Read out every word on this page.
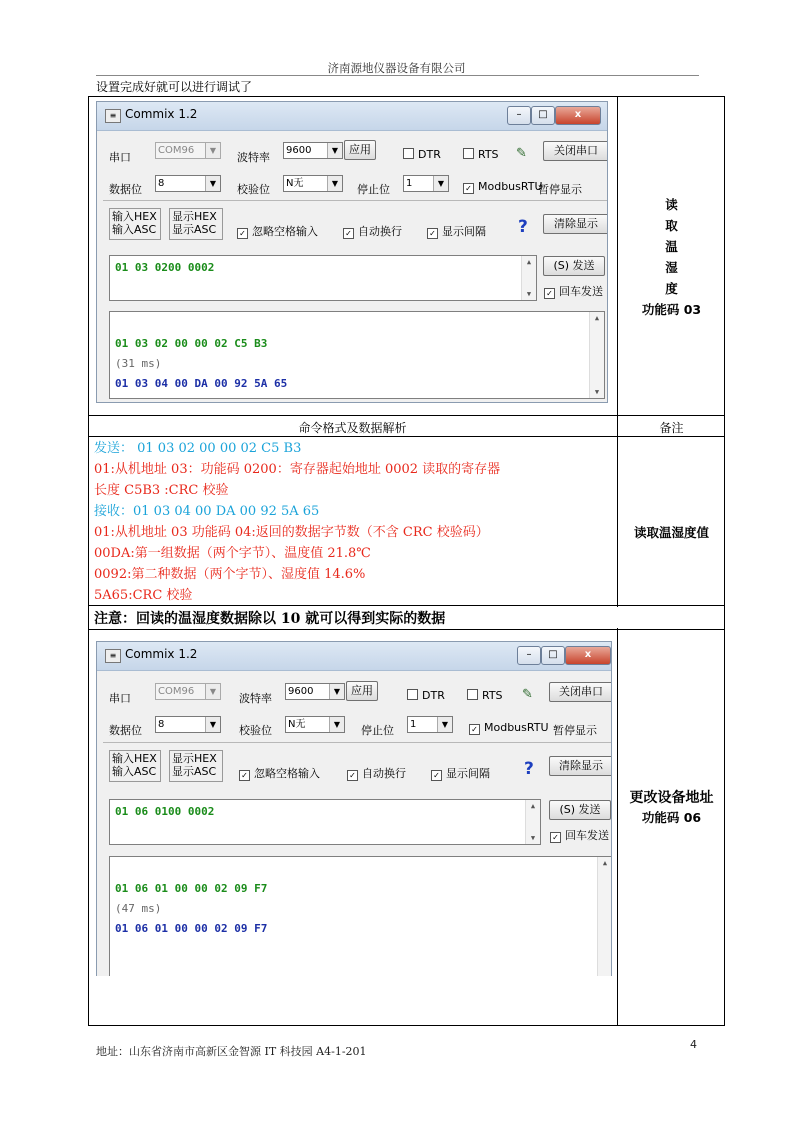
济南源地仪器设备有限公司
设置完成好就可以进行调试了
≡ Commix 1.2	–	□	x
串口
COM96	▼
波特率
9600	▼ 应用	DTR	RTS ✎	关闭串口
数据位	8	▼	校验位	N无	▼	停止位	1	▼
✓ ModbusRTU
暂停显示
输入HEX
输入ASC
显示HEX
显示ASC	✓ 忽略空格输入	✓ 自动换行	✓ 显示间隔 ?	清除显示
01 03 0200 0002	▲
▼
(S) 发送
✓ 回车发送
01 03 02 00 00 02 C5 B3
(31 ms)
01 03 04 00 DA 00 92 5A 65
▲
▼
读
取
温
湿
度
功能码 03
命令格式及数据解析	备注
发送： 01 03 02 00 00 02 C5 B3
01:从机地址 03：功能码 0200：寄存器起始地址 0002 读取的寄存器
长度 C5B3 :CRC 校验
接收：01 03 04 00 DA 00 92 5A 65
01:从机地址 03 功能码 04:返回的数据字节数（不含 CRC 校验码）
00DA:第一组数据（两个字节）、温度值 21.8℃
0092:第二种数据（两个字节）、湿度值 14.6%
5A65:CRC 校验
读取温湿度值
注意：回读的温湿度数据除以 10 就可以得到实际的数据
≡ Commix 1.2	–	□	x
串口
COM96	▼
波特率
9600	▼ 应用	DTR	RTS ✎	关闭串口
数据位	8	▼	校验位	N无	▼	停止位	1	▼
✓ ModbusRTU 暂停显示
输入HEX
输入ASC
显示HEX
显示ASC	✓ 忽略空格输入	✓ 自动换行	✓ 显示间隔 ?	清除显示
01 06 0100 0002	▲
▼
(S) 发送
✓ 回车发送
01 06 01 00 00 02 09 F7
(47 ms)
01 06 01 00 00 02 09 F7
▲
更改设备地址
功能码 06
地址：山东省济南市高新区金智源 IT 科技园 A4-1-201
4
